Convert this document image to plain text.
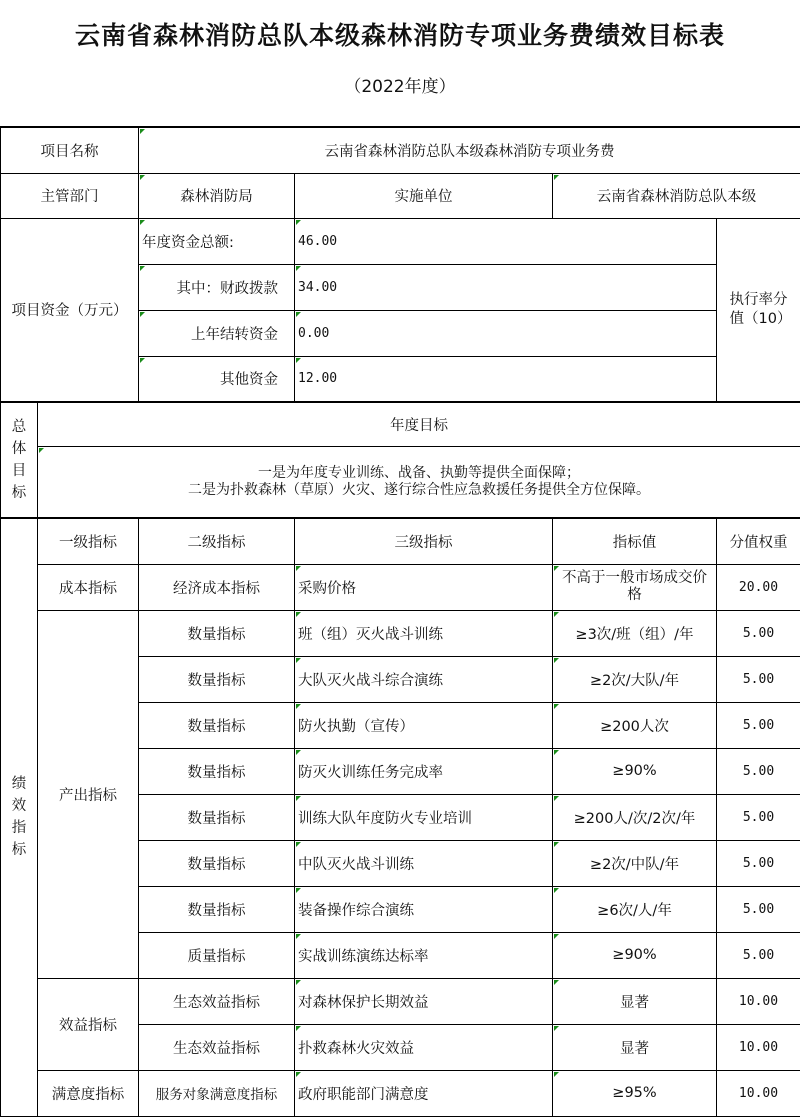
云南省森林消防总队本级森林消防专项业务费绩效目标表
（2022年度）
项目名称		云南省森林消防总队本级森林消防专项业务费			
主管部门		森林消防局	实施单位	云南省森林消防总队本级	
项目资金（万元）		年度资金总额:	46.00		执行率分值（10）
		其中：财政拨款	34.00		
		上年结转资金	0.00		
		其他资金	12.00		
总体目标	年度目标				

	一是为年度专业训练、战备、执勤等提供全面保障；
二是为扑救森林（草原）火灾、遂行综合性应急救援任务提供全方位保障。				

绩效指标	一级指标	二级指标	三级指标	指标值	分值权重
	成本指标	经济成本指标	采购价格	不高于一般市场成交价格	20.00
	产出指标	数量指标	班（组）灭火战斗训练	≥3次/班（组）/年	5.00
		数量指标	大队灭火战斗综合演练	≥2次/大队/年	5.00
		数量指标	防火执勤（宣传）	≥200人次	5.00
		数量指标	防灭火训练任务完成率	≥90%	5.00
		数量指标	训练大队年度防火专业培训	≥200人/次/2次/年	5.00
		数量指标	中队灭火战斗训练	≥2次/中队/年	5.00
		数量指标	装备操作综合演练	≥6次/人/年	5.00
		质量指标	实战训练演练达标率	≥90%	5.00
	效益指标	生态效益指标	对森林保护长期效益	显著	10.00
		生态效益指标	扑救森林火灾效益	显著	10.00
	满意度指标	服务对象满意度指标	政府职能部门满意度	≥95%	10.00
